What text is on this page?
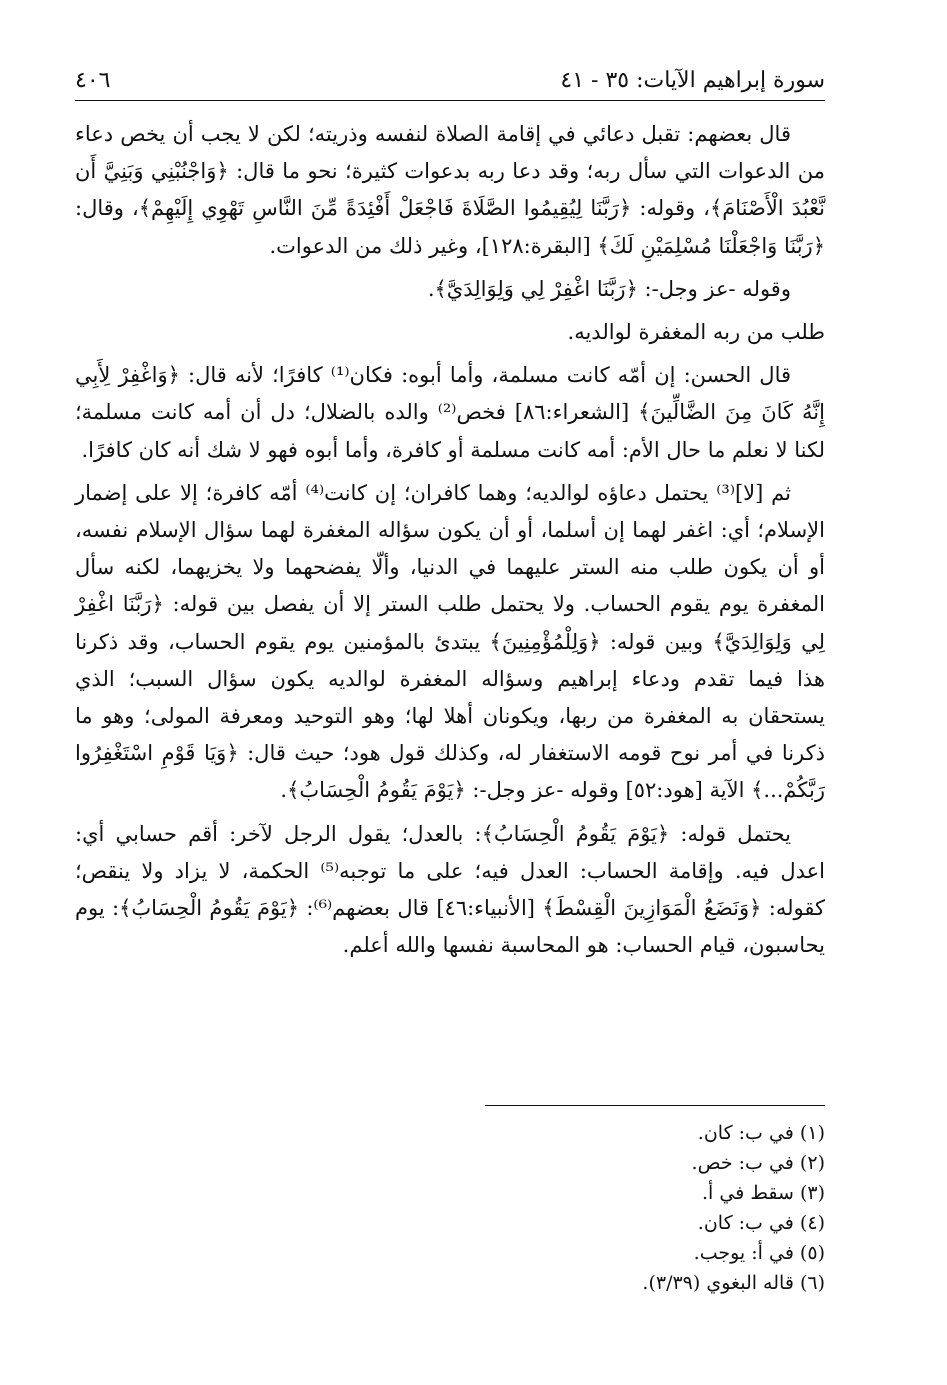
سورة إبراهيم الآيات: ٣٥ - ٤١
٤٠٦

قال بعضهم: تقبل دعائي في إقامة الصلاة لنفسه وذريته؛ لكن لا يجب أن يخص دعاء من الدعوات التي سأل ربه؛ وقد دعا ربه بدعوات كثيرة؛ نحو ما قال: ﴿وَاجْنُبْنِي وَبَنِيَّ أَن نَّعْبُدَ الْأَصْنَامَ﴾، وقوله: ﴿رَبَّنَا لِيُقِيمُوا الصَّلَاةَ فَاجْعَلْ أَفْئِدَةً مِّنَ النَّاسِ تَهْوِي إِلَيْهِمْ﴾، وقال: ﴿رَبَّنَا وَاجْعَلْنَا مُسْلِمَيْنِ لَكَ﴾ [البقرة:١٢٨]، وغير ذلك من الدعوات.

وقوله -عز وجل-: ﴿رَبَّنَا اغْفِرْ لِي وَلِوَالِدَيَّ﴾.

طلب من ربه المغفرة لوالديه.

قال الحسن: إن أمّه كانت مسلمة، وأما أبوه: فكان⁽¹⁾ كافرًا؛ لأنه قال: ﴿وَاغْفِرْ لِأَبِي إِنَّهُ كَانَ مِنَ الضَّالِّينَ﴾ [الشعراء:٨٦] فخص⁽²⁾ والده بالضلال؛ دل أن أمه كانت مسلمة؛ لكنا لا نعلم ما حال الأم: أمه كانت مسلمة أو كافرة، وأما أبوه فهو لا شك أنه كان كافرًا.

ثم [لا]⁽³⁾ يحتمل دعاؤه لوالديه؛ وهما كافران؛ إن كانت⁽⁴⁾ أمّه كافرة؛ إلا على إضمار الإسلام؛ أي: اغفر لهما إن أسلما، أو أن يكون سؤاله المغفرة لهما سؤال الإسلام نفسه، أو أن يكون طلب منه الستر عليهما في الدنيا، وألّا يفضحهما ولا يخزيهما، لكنه سأل المغفرة يوم يقوم الحساب. ولا يحتمل طلب الستر إلا أن يفصل بين قوله: ﴿رَبَّنَا اغْفِرْ لِي وَلِوَالِدَيَّ﴾ وبين قوله: ﴿وَلِلْمُؤْمِنِينَ﴾ يبتدئ بالمؤمنين يوم يقوم الحساب، وقد ذكرنا هذا فيما تقدم ودعاء إبراهيم وسؤاله المغفرة لوالديه يكون سؤال السبب؛ الذي يستحقان به المغفرة من ربها، ويكونان أهلا لها؛ وهو التوحيد ومعرفة المولى؛ وهو ما ذكرنا في أمر نوح قومه الاستغفار له، وكذلك قول هود؛ حيث قال: ﴿وَيَا قَوْمِ اسْتَغْفِرُوا رَبَّكُمْ...﴾ الآية [هود:٥٢] وقوله -عز وجل-: ﴿يَوْمَ يَقُومُ الْحِسَابُ﴾.

يحتمل قوله: ﴿يَوْمَ يَقُومُ الْحِسَابُ﴾: بالعدل؛ يقول الرجل لآخر: أقم حسابي أي: اعدل فيه. وإقامة الحساب: العدل فيه؛ على ما توجبه⁽⁵⁾ الحكمة، لا يزاد ولا ينقص؛ كقوله: ﴿وَنَضَعُ الْمَوَازِينَ الْقِسْطَ﴾ [الأنبياء:٤٦] قال بعضهم⁽⁶⁾: ﴿يَوْمَ يَقُومُ الْحِسَابُ﴾: يوم يحاسبون، قيام الحساب: هو المحاسبة نفسها والله أعلم.

(١) في ب: كان.
(٢) في ب: خص.
(٣) سقط في أ.
(٤) في ب: كان.
(٥) في أ: يوجب.
(٦) قاله البغوي (٣/٣٩).
